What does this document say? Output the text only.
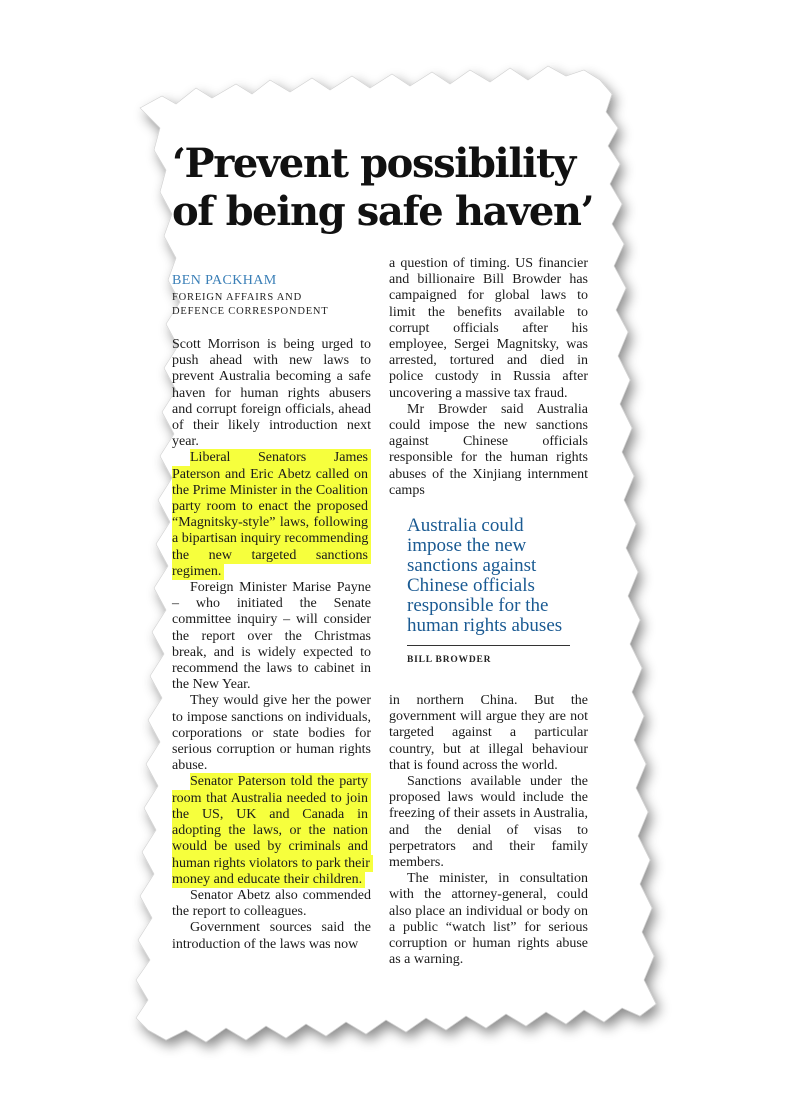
‘Prevent possibility
of being safe haven’
BEN PACKHAM
FOREIGN AFFAIRS AND
DEFENCE CORRESPONDENT

Scott Morrison is being urged to push ahead with new laws to prevent Australia becoming a safe haven for human rights abusers and corrupt foreign officials, ahead of their likely introduction next year.

Liberal Senators James Paterson and Eric Abetz called on the Prime Minister in the Coalition party room to enact the proposed “Magnitsky-style” laws, following a bipartisan inquiry recommending the new targeted sanctions regimen.

Foreign Minister Marise Payne – who initiated the Senate committee inquiry – will consider the report over the Christmas break, and is widely expected to recommend the laws to cabinet in the New Year.

They would give her the power to impose sanctions on individuals, corporations or state bodies for serious corruption or human rights abuse.

Senator Paterson told the party room that Australia needed to join the US, UK and Canada in adopting the laws, or the nation would be used by criminals and human rights violators to park their money and educate their children.

Senator Abetz also commended the report to colleagues.

Government sources said the introduction of the laws was now

a question of timing. US financier and billionaire Bill Browder has campaigned for global laws to limit the benefits available to corrupt officials after his employee, Sergei Magnitsky, was arrested, tortured and died in police custody in Russia after uncovering a massive tax fraud.

Mr Browder said Australia could impose the new sanctions against Chinese officials responsible for the human rights abuses of the Xinjiang internment camps

Australia could impose the new sanctions against Chinese officials responsible for the human rights abuses
BILL BROWDER

in northern China. But the government will argue they are not targeted against a particular country, but at illegal behaviour that is found across the world.

Sanctions available under the proposed laws would include the freezing of their assets in Australia, and the denial of visas to perpetrators and their family members.

The minister, in consultation with the attorney-general, could also place an individual or body on a public “watch list” for serious corruption or human rights abuse as a warning.
